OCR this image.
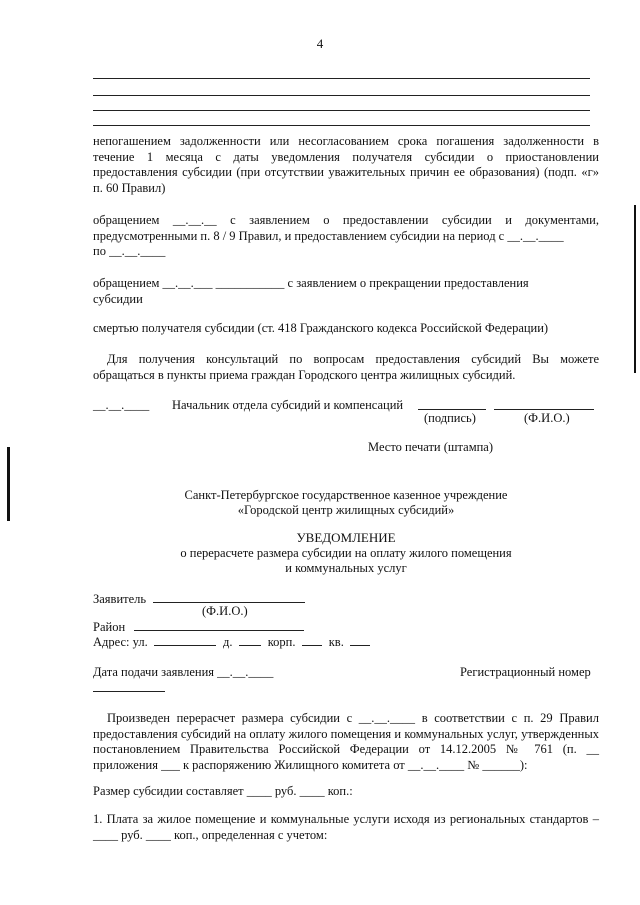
4
непогашением задолженности или несогласованием срока погашения задолженности в течение 1 месяца с даты уведомления получателя субсидии о приостановлении предоставления субсидии (при отсутствии уважительных причин ее образования) (подп. «г» п. 60 Правил)
обращением __.__.__ с заявлением о предоставлении субсидии и документами, предусмотренными п. 8 / 9 Правил, и предоставлением субсидии на период с __.__.____
по __.__.____
обращением __.__.___ ___________ с заявлением о прекращении предоставления
субсидии
смертью получателя субсидии (ст. 418 Гражданского кодекса Российской Федерации)
Для получения консультаций по вопросам предоставления субсидий Вы можете обращаться в пункты приема граждан Городского центра жилищных субсидий.
__.__.____ Начальник отдела субсидий и компенсаций
(подпись)	(Ф.И.О.)
Место печати (штампа)
Санкт-Петербургское государственное казенное учреждение
«Городской центр жилищных субсидий»
УВЕДОМЛЕНИЕ
о перерасчете размера субсидии на оплату жилого помещения
и коммунальных услуг
Заявитель
(Ф.И.О.)
Район
Адрес: ул.	д.	корп.	кв.
Дата подачи заявления __.__.____	Регистрационный номер
Произведен перерасчет размера субсидии с __.__.____ в соответствии с п. 29 Правил предоставления субсидий на оплату жилого помещения и коммунальных услуг, утвержденных постановлением Правительства Российской Федерации от 14.12.2005 № 761 (п. __ приложения ___ к распоряжению Жилищного комитета от __.__.____ № ______):
Размер субсидии составляет ____ руб. ____ коп.:
1. Плата за жилое помещение и коммунальные услуги исходя из региональных стандартов – ____ руб. ____ коп., определенная с учетом:
